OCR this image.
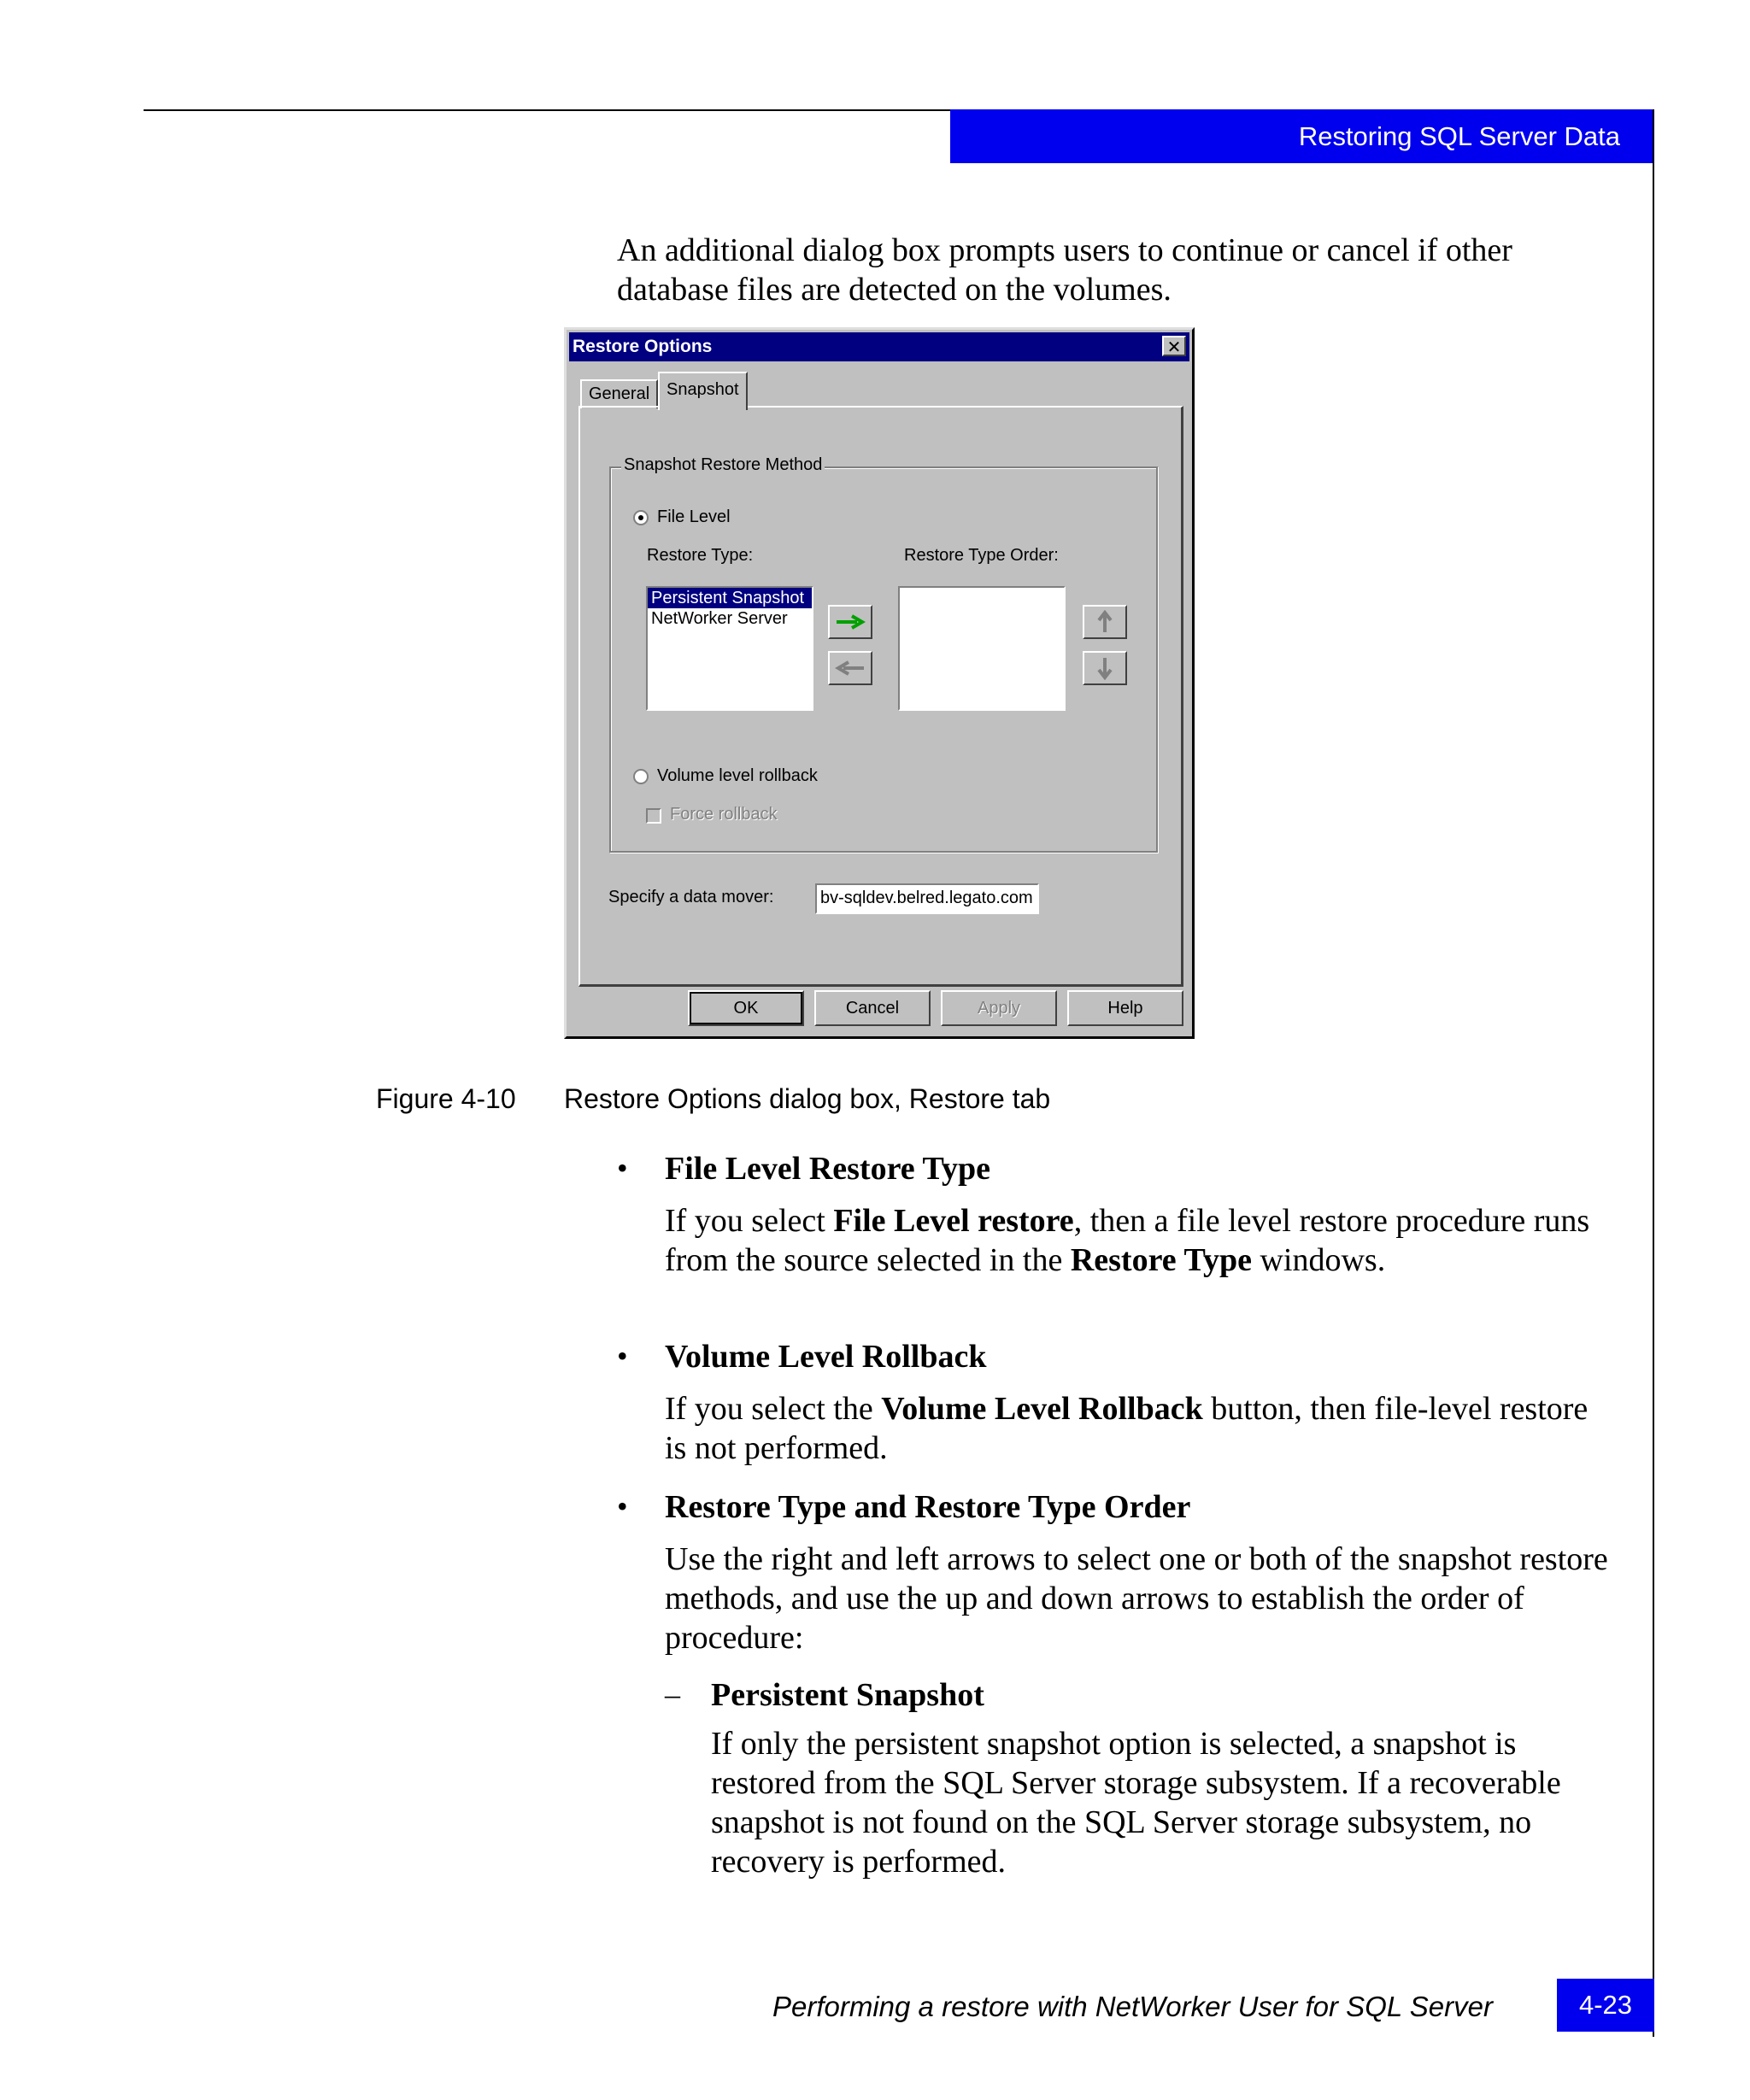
Restoring SQL Server Data
An additional dialog box prompts users to continue or cancel if other database files are detected on the volumes.
Restore Options	✕
General Snapshot
Snapshot Restore Method
File Level
Restore Type:	Restore Type Order:
Persistent Snapshot
NetWorker Server
Volume level rollback
Force rollback
Specify a data mover:	bv-sqldev.belred.legato.com
OK	Cancel	Apply	Help
Figure 4-10 Restore Options dialog box, Restore tab
• File Level Restore Type
If you select File Level restore, then a file level restore procedure runs from the source selected in the Restore Type windows.
• Volume Level Rollback
If you select the Volume Level Rollback button, then file-level restore is not performed.
• Restore Type and Restore Type Order
Use the right and left arrows to select one or both of the snapshot restore methods, and use the up and down arrows to establish the order of procedure:
– Persistent Snapshot
If only the persistent snapshot option is selected, a snapshot is restored from the SQL Server storage subsystem. If a recoverable snapshot is not found on the SQL Server storage subsystem, no recovery is performed.
Performing a restore with NetWorker User for SQL Server	4-23
